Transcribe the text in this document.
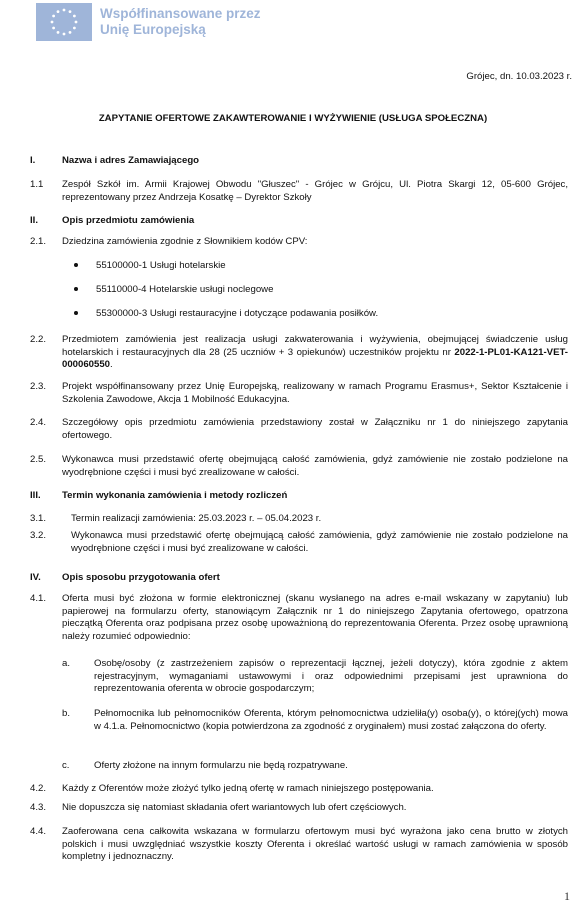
Współfinansowane przez
Unię Europejską
Grójec, dn. 10.03.2023 r.
ZAPYTANIE OFERTOWE ZAKAWTEROWANIE I WYŻYWIENIE (USŁUGA SPOŁECZNA)
I.	Nazwa i adres Zamawiającego
1.1 Zespół Szkół im. Armii Krajowej Obwodu "Głuszec" - Grójec w Grójcu, Ul. Piotra Skargi 12, 05-600 Grójec, reprezentowany przez Andrzeja Kosatkę – Dyrektor Szkoły
II.	Opis przedmiotu zamówienia
2.1. Dziedzina zamówienia zgodnie z Słownikiem kodów CPV:
55100000-1 Usługi hotelarskie
55110000-4 Hotelarskie usługi noclegowe
55300000-3 Usługi restauracyjne i dotyczące podawania posiłków.
2.2. Przedmiotem zamówienia jest realizacja usługi zakwaterowania i wyżywienia, obejmującej świadczenie usług hotelarskich i restauracyjnych dla 28 (25 uczniów + 3 opiekunów) uczestników projektu nr 2022-1-PL01-KA121-VET-000060550.
2.3. Projekt współfinansowany przez Unię Europejską, realizowany w ramach Programu Erasmus+, Sektor Kształcenie i Szkolenia Zawodowe, Akcja 1 Mobilność Edukacyjna.
2.4. Szczegółowy opis przedmiotu zamówienia przedstawiony został w Załączniku nr 1 do niniejszego zapytania ofertowego.
2.5. Wykonawca musi przedstawić ofertę obejmującą całość zamówienia, gdyż zamówienie nie zostało podzielone na wyodrębnione części i musi być zrealizowane w całości.
III. Termin wykonania zamówienia i metody rozliczeń
3.1.	Termin realizacji zamówienia: 25.03.2023 r. – 05.04.2023 r.
3.2.	Wykonawca musi przedstawić ofertę obejmującą całość zamówienia, gdyż zamówienie nie zostało podzielone na wyodrębnione części i musi być zrealizowane w całości.
IV. Opis sposobu przygotowania ofert
4.1. Oferta musi być złożona w formie elektronicznej (skanu wysłanego na adres e-mail wskazany w zapytaniu) lub papierowej na formularzu oferty, stanowiącym Załącznik nr 1 do niniejszego Zapytania ofertowego, opatrzona pieczątką Oferenta oraz podpisana przez osobę upoważnioną do reprezentowania Oferenta. Przez osobę uprawnioną należy rozumieć odpowiednio:
a. Osobę/osoby (z zastrzeżeniem zapisów o reprezentacji łącznej, jeżeli dotyczy), która zgodnie z aktem rejestracyjnym, wymaganiami ustawowymi i oraz odpowiednimi przepisami jest uprawniona do reprezentowania oferenta w obrocie gospodarczym;
b. Pełnomocnika lub pełnomocników Oferenta, którym pełnomocnictwa udzieliła(y) osoba(y), o której(ych) mowa w 4.1.a. Pełnomocnictwo (kopia potwierdzona za zgodność z oryginałem) musi zostać załączona do oferty.
c.	Oferty złożone na innym formularzu nie będą rozpatrywane.
4.2. Każdy z Oferentów może złożyć tylko jedną ofertę w ramach niniejszego postępowania.
4.3. Nie dopuszcza się natomiast składania ofert wariantowych lub ofert częściowych.
4.4. Zaoferowana cena całkowita wskazana w formularzu ofertowym musi być wyrażona jako cena brutto w złotych polskich i musi uwzględniać wszystkie koszty Oferenta i określać wartość usługi w ramach zamówienia w sposób kompletny i jednoznaczny.
1
